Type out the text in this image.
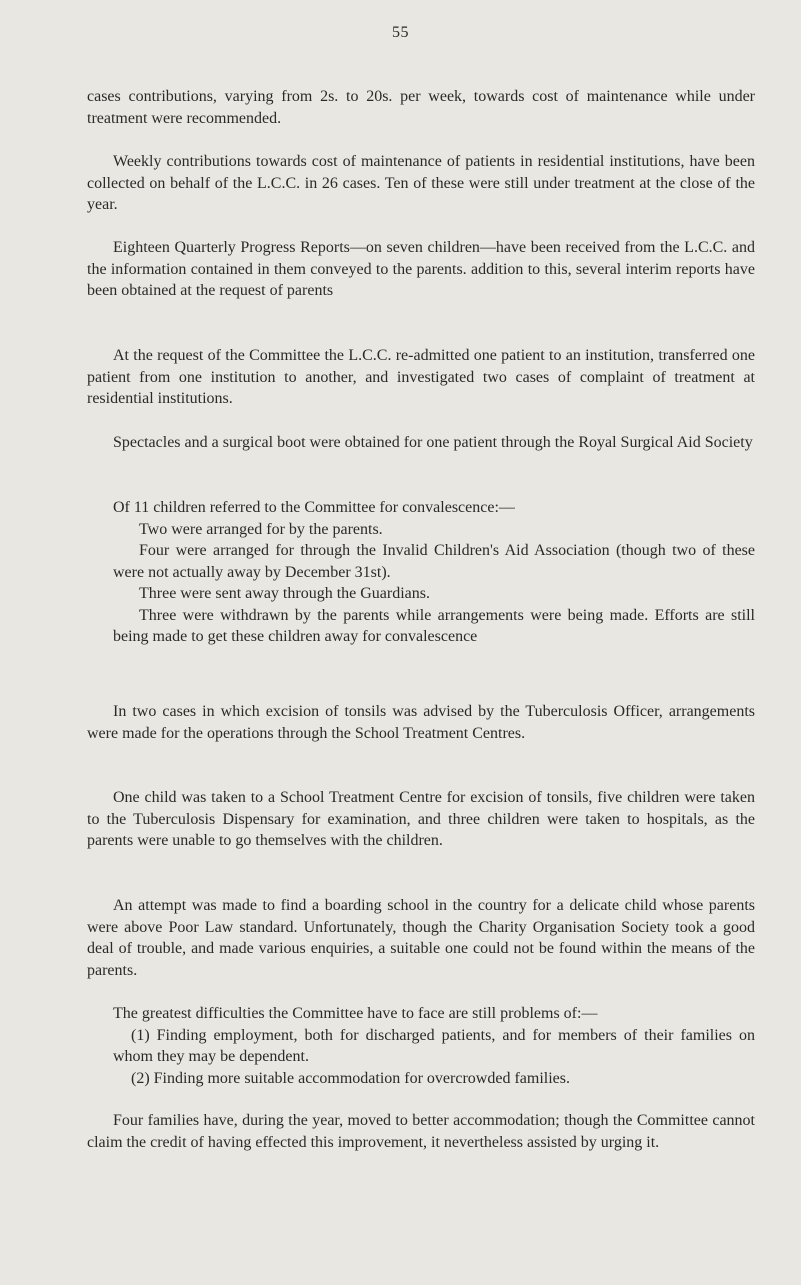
55

cases contributions, varying from 2s. to 20s. per week, towards cost of maintenance while under treatment were recommended.

Weekly contributions towards cost of maintenance of patients in residential institutions, have been collected on behalf of the L.C.C. in 26 cases. Ten of these were still under treatment at the close of the year.

Eighteen Quarterly Progress Reports—on seven children—have been received from the L.C.C. and the information contained in them conveyed to the parents. addition to this, several interim reports have been obtained at the request of parents

At the request of the Committee the L.C.C. re-admitted one patient to an institution, transferred one patient from one institution to another, and investigated two cases of complaint of treatment at residential institutions.

Spectacles and a surgical boot were obtained for one patient through the Royal Surgical Aid Society

Of 11 children referred to the Committee for convalescence:—

Two were arranged for by the parents.

Four were arranged for through the Invalid Children's Aid Association (though two of these were not actually away by December 31st).

Three were sent away through the Guardians.

Three were withdrawn by the parents while arrangements were being made. Efforts are still being made to get these children away for convalescence

In two cases in which excision of tonsils was advised by the Tuberculosis Officer, arrangements were made for the operations through the School Treatment Centres.

One child was taken to a School Treatment Centre for excision of tonsils, five children were taken to the Tuberculosis Dispensary for examination, and three children were taken to hospitals, as the parents were unable to go themselves with the children.

An attempt was made to find a boarding school in the country for a delicate child whose parents were above Poor Law standard. Unfortunately, though the Charity Organisation Society took a good deal of trouble, and made various enquiries, a suitable one could not be found within the means of the parents.

The greatest difficulties the Committee have to face are still problems of:—

(1) Finding employment, both for discharged patients, and for members of their families on whom they may be dependent.

(2) Finding more suitable accommodation for overcrowded families.

Four families have, during the year, moved to better accommodation; though the Committee cannot claim the credit of having effected this improvement, it nevertheless assisted by urging it.
